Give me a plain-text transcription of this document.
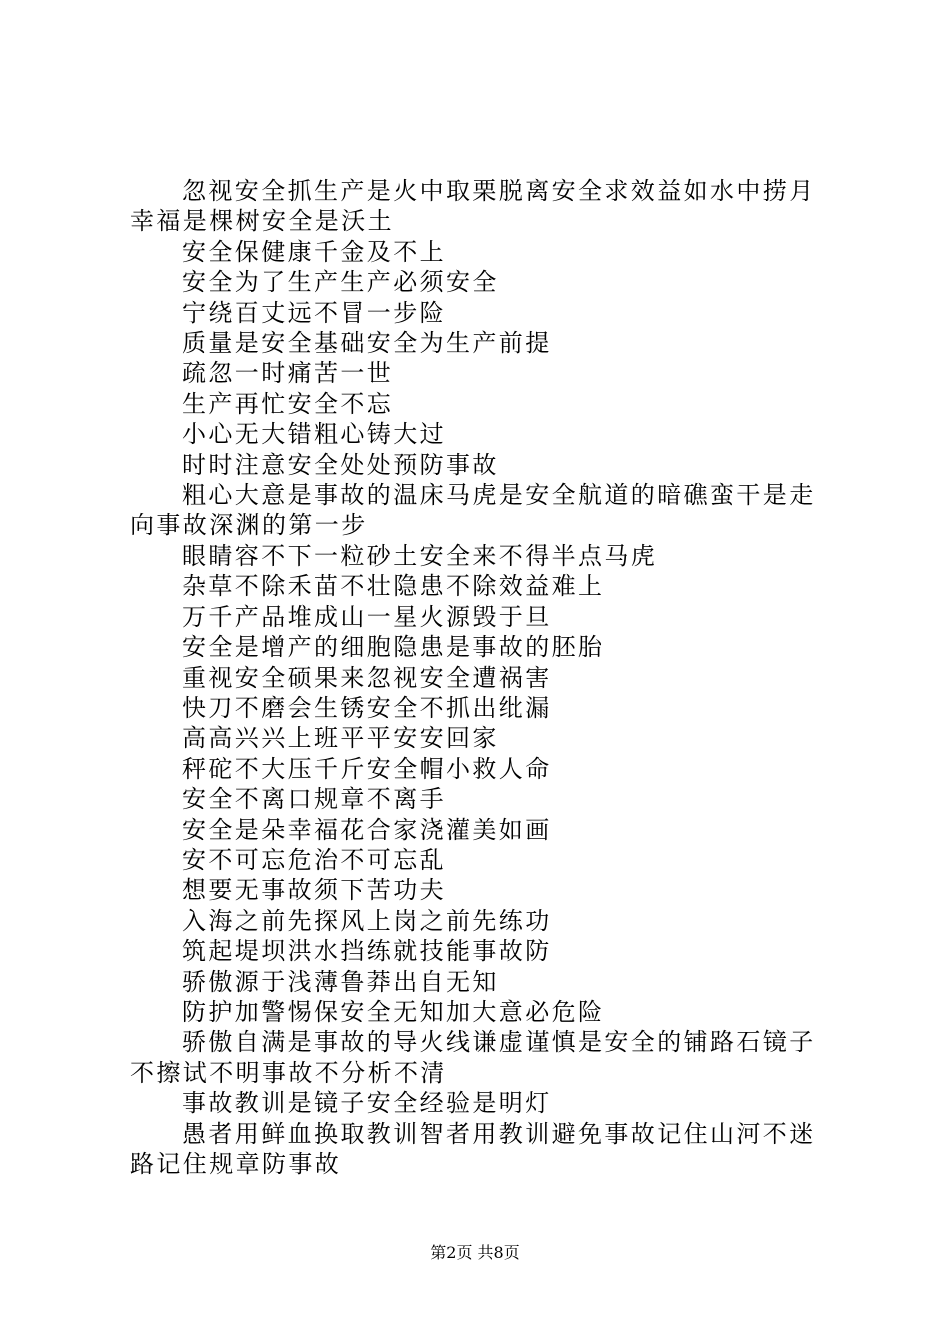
忽视安全抓生产是火中取栗脱离安全求效益如水中捞月幸福是棵树安全是沃土

安全保健康千金及不上

安全为了生产生产必须安全

宁绕百丈远不冒一步险

质量是安全基础安全为生产前提

疏忽一时痛苦一世

生产再忙安全不忘

小心无大错粗心铸大过

时时注意安全处处预防事故

粗心大意是事故的温床马虎是安全航道的暗礁蛮干是走向事故深渊的第一步

眼睛容不下一粒砂土安全来不得半点马虎

杂草不除禾苗不壮隐患不除效益难上

万千产品堆成山一星火源毁于旦

安全是增产的细胞隐患是事故的胚胎

重视安全硕果来忽视安全遭祸害

快刀不磨会生锈安全不抓出纰漏

高高兴兴上班平平安安回家

秤砣不大压千斤安全帽小救人命

安全不离口规章不离手

安全是朵幸福花合家浇灌美如画

安不可忘危治不可忘乱

想要无事故须下苦功夫

入海之前先探风上岗之前先练功

筑起堤坝洪水挡练就技能事故防

骄傲源于浅薄鲁莽出自无知

防护加警惕保安全无知加大意必危险

骄傲自满是事故的导火线谦虚谨慎是安全的铺路石镜子不擦试不明事故不分析不清

事故教训是镜子安全经验是明灯

愚者用鲜血换取教训智者用教训避免事故记住山河不迷路记住规章防事故

第2页 共8页
